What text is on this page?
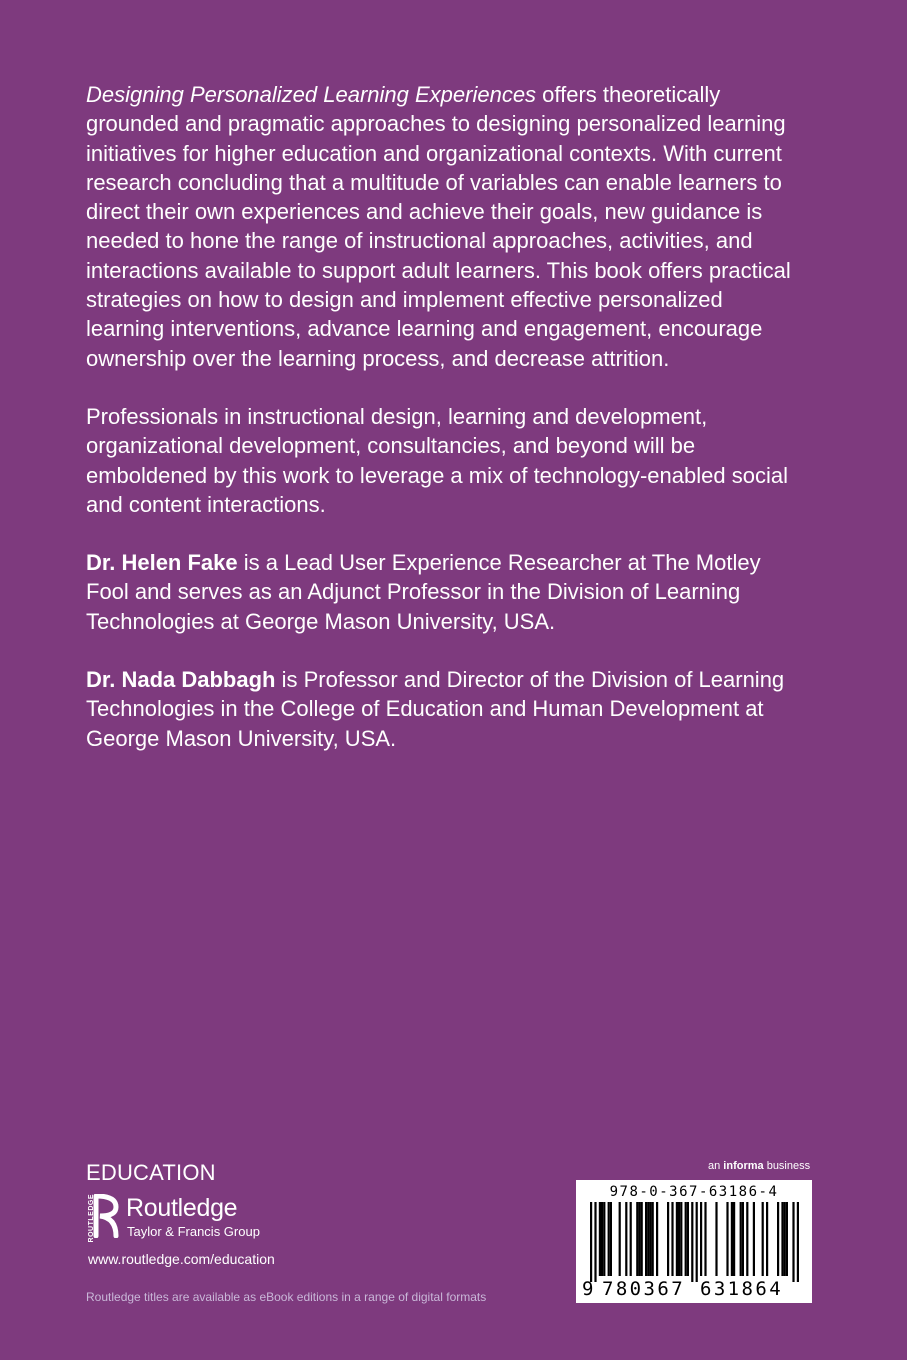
Designing Personalized Learning Experiences offers theoretically grounded and pragmatic approaches to designing personalized learning initiatives for higher education and organizational contexts. With current research concluding that a multitude of variables can enable learners to direct their own experiences and achieve their goals, new guidance is needed to hone the range of instructional approaches, activities, and interactions available to support adult learners. This book offers practical strategies on how to design and implement effective personalized learning interventions, advance learning and engagement, encourage ownership over the learning process, and decrease attrition.

Professionals in instructional design, learning and development, organizational development, consultancies, and beyond will be emboldened by this work to leverage a mix of technology-enabled social and content interactions.

Dr. Helen Fake is a Lead User Experience Researcher at The Motley Fool and serves as an Adjunct Professor in the Division of Learning Technologies at George Mason University, USA.

Dr. Nada Dabbagh is Professor and Director of the Division of Learning Technologies in the College of Education and Human Development at George Mason University, USA.

EDUCATION
ROUTLEDGE Routledge
Taylor & Francis Group
www.routledge.com/education
Routledge titles are available as eBook editions in a range of digital formats
an informa business
978-0-367-63186-4
9 780367 631864
